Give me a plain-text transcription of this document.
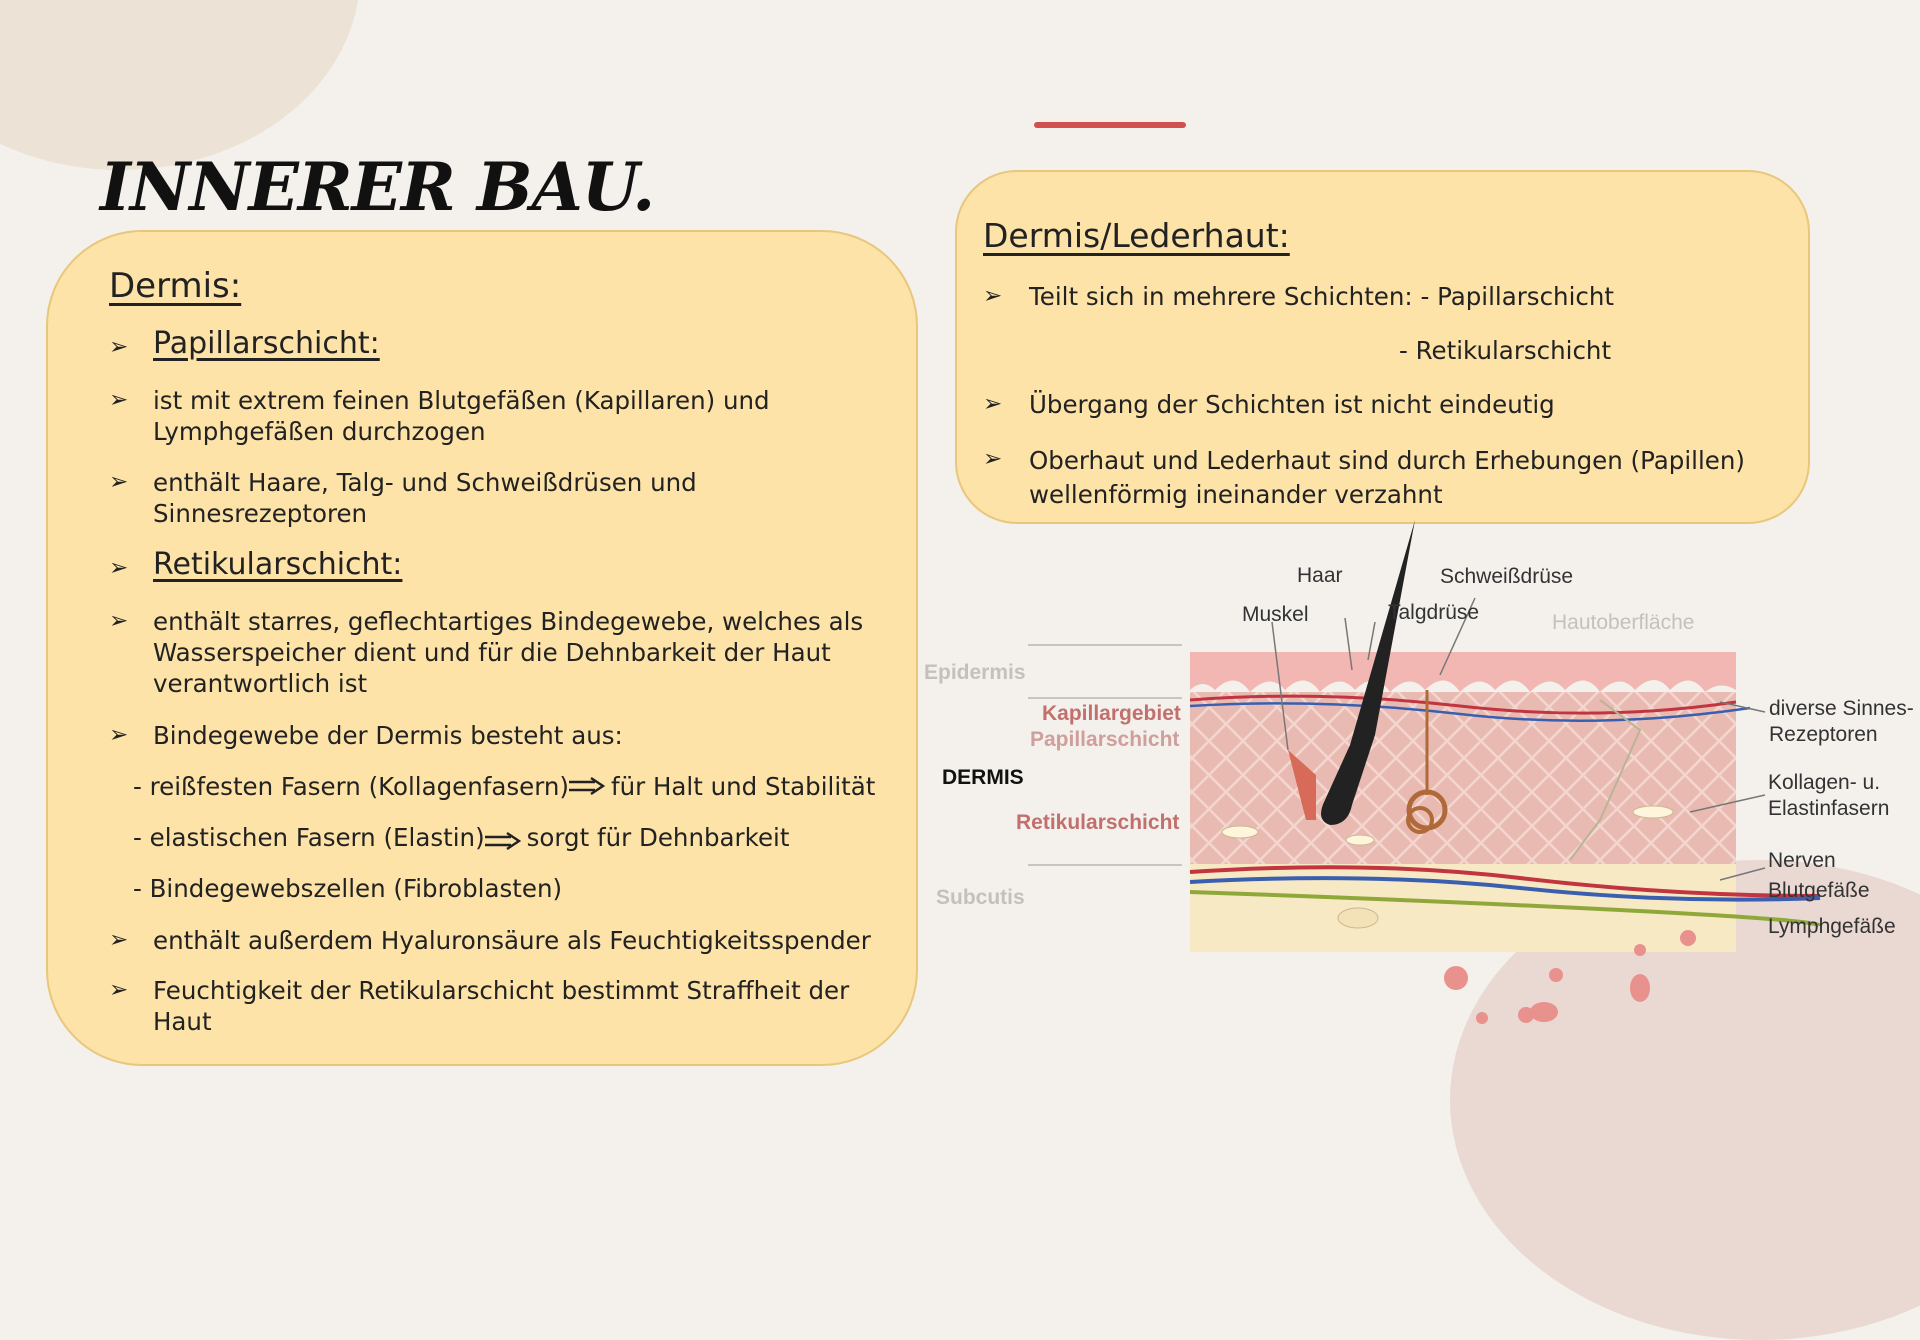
INNERER BAU.
Dermis:
➢ Papillarschicht:
➢ ist mit extrem feinen Blutgefäßen (Kapillaren) und
Lymphgefäßen durchzogen
➢ enthält Haare, Talg- und Schweißdrüsen und
Sinnesrezeptoren
➢ Retikularschicht:
➢ enthält starres, geflechtartiges Bindegewebe, welches als
Wasserspeicher dient und für die Dehnbarkeit der Haut
verantwortlich ist
➢ Bindegewebe der Dermis besteht aus:
- reißfesten Fasern (Kollagenfasern) für Halt und Stabilität
- elastischen Fasern (Elastin) sorgt für Dehnbarkeit
- Bindegewebszellen (Fibroblasten)
➢ enthält außerdem Hyaluronsäure als Feuchtigkeitsspender
➢ Feuchtigkeit der Retikularschicht bestimmt Straffheit der
Haut
Dermis/Lederhaut:
➢ Teilt sich in mehrere Schichten: - Papillarschicht
- Retikularschicht
➢ Übergang der Schichten ist nicht eindeutig
➢ Oberhaut und Lederhaut sind durch Erhebungen (Papillen)
wellenförmig ineinander verzahnt
Haar	Schweißdrüse
Muskel	Talgdrüse	Hautoberfläche
Epidermis
Kapillargebiet
Papillarschicht
DERMIS
Retikularschicht
Subcutis
diverse Sinnes-
Rezeptoren
Kollagen- u.
Elastinfasern
Nerven
Blutgefäße
Lymphgefäße
